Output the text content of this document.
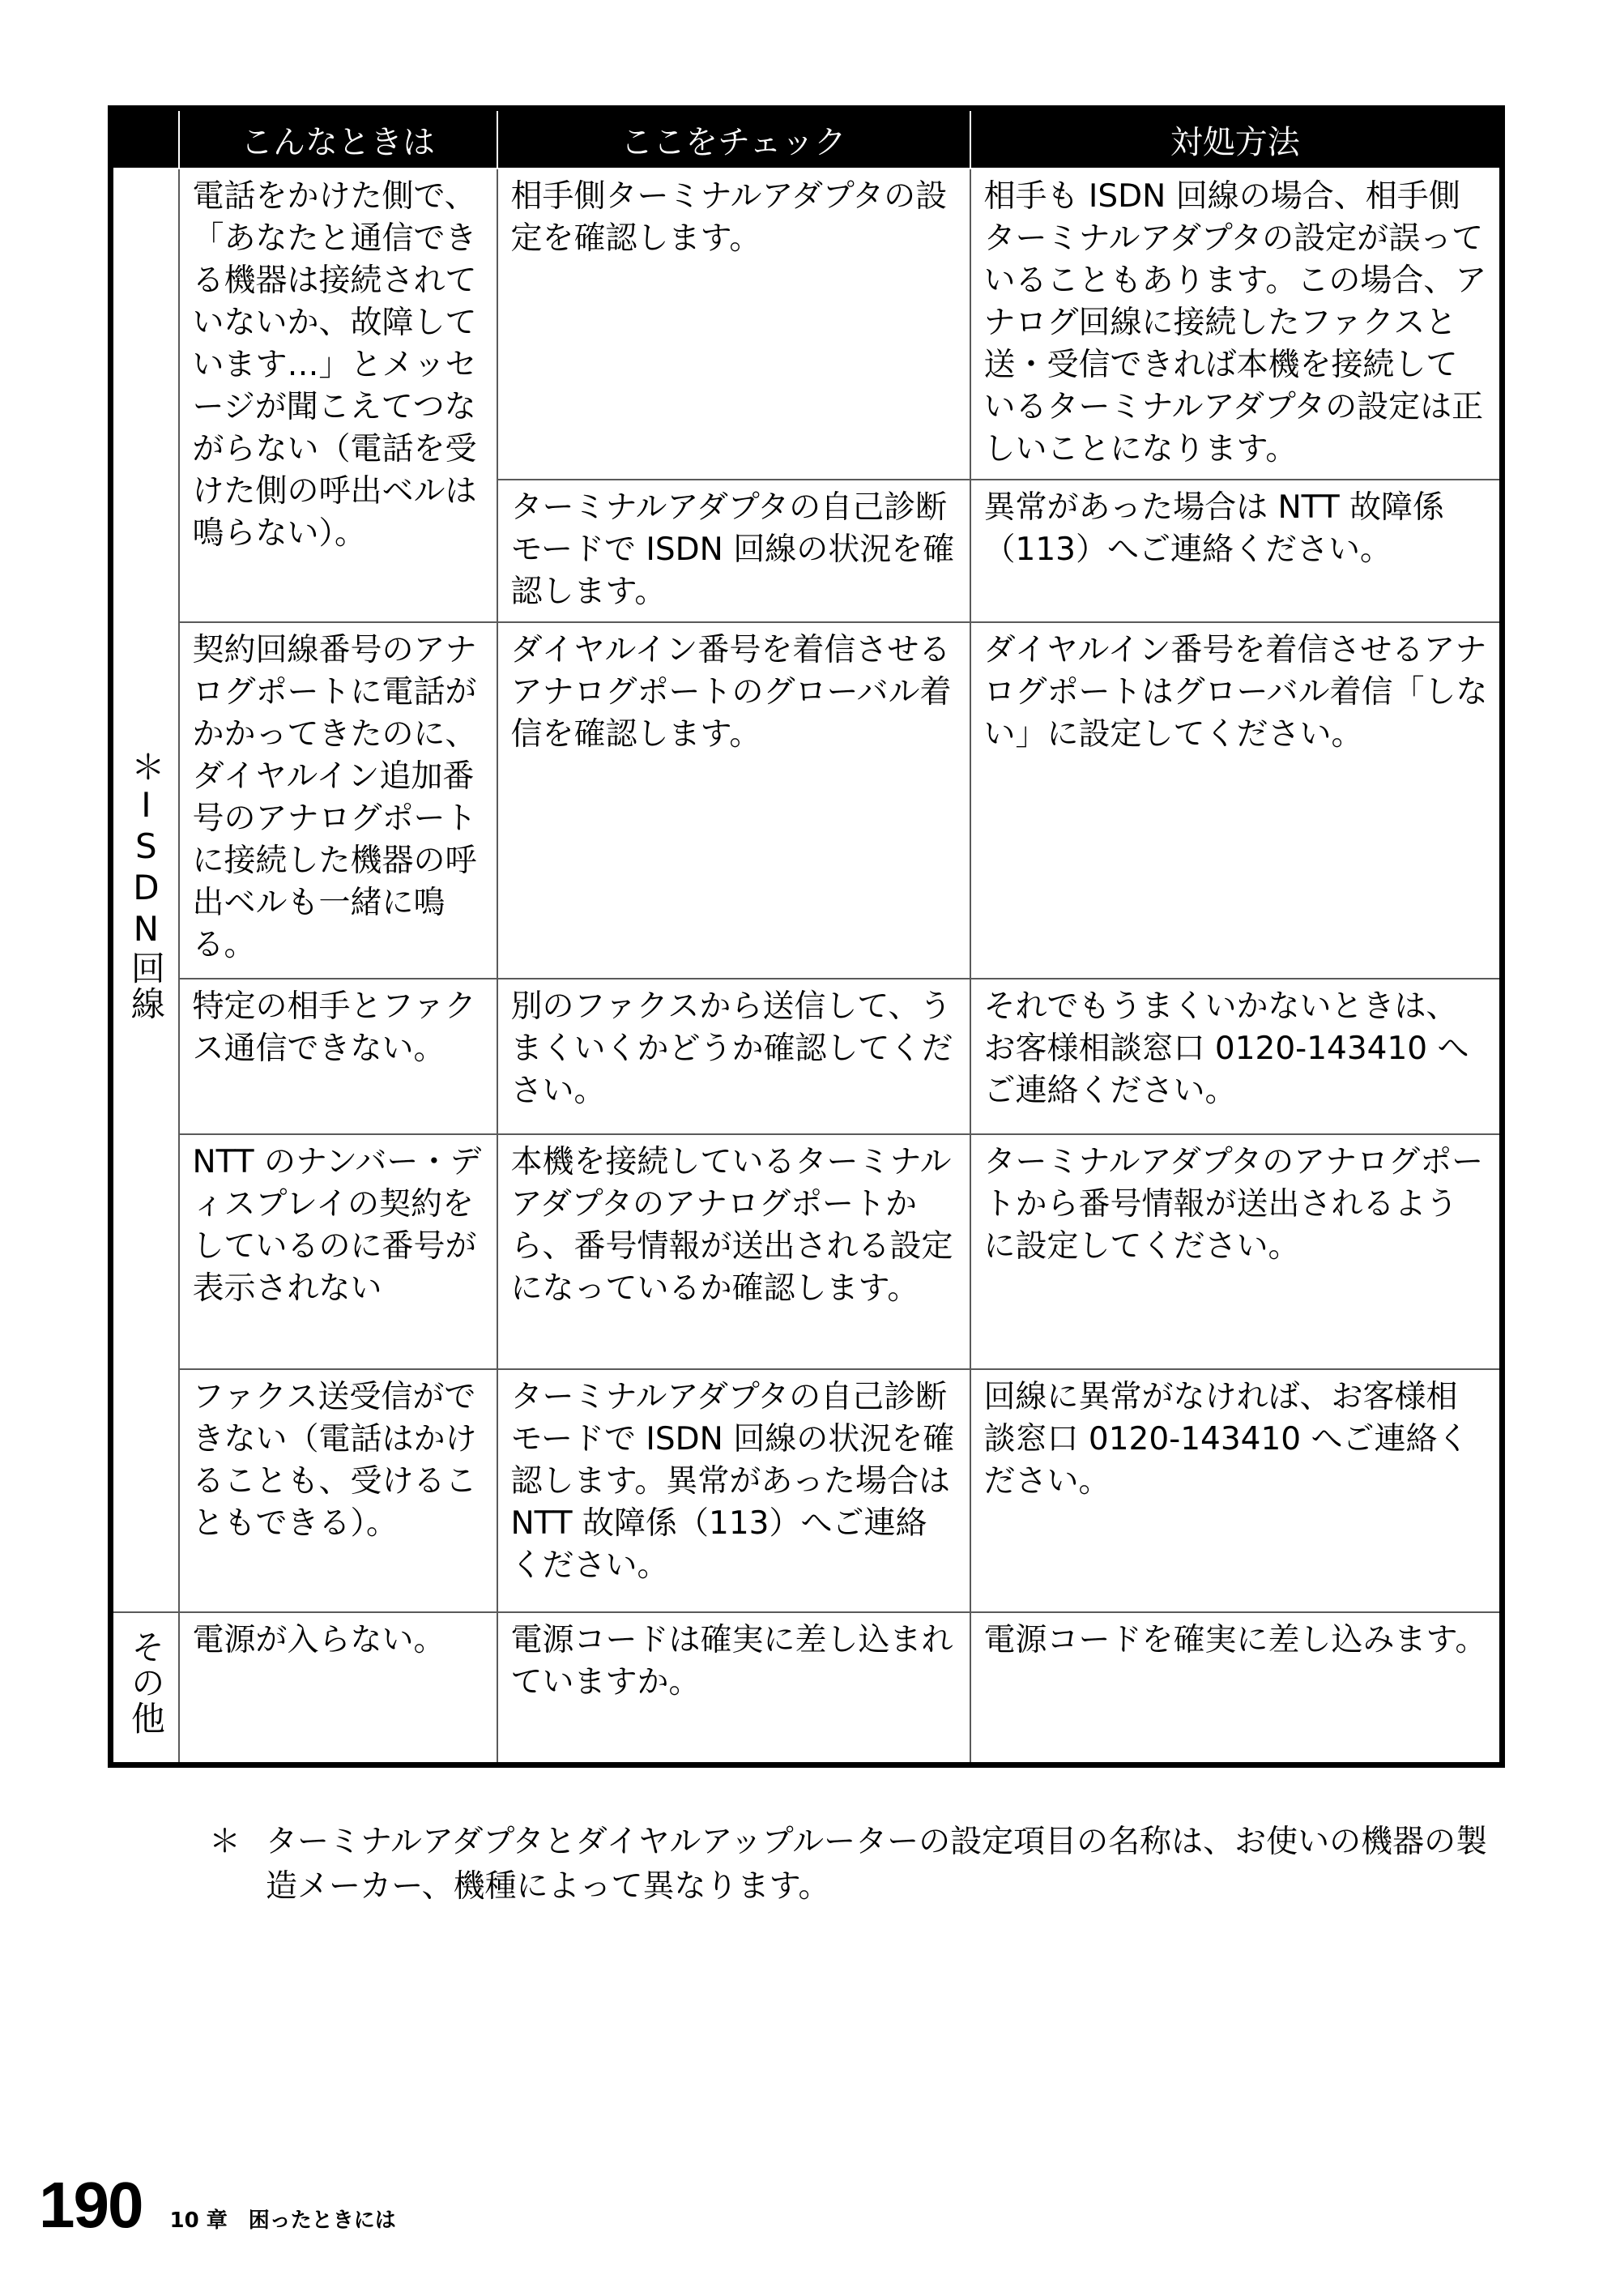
	こんなときは	ここをチェック	対処方法
＊ISDN回線	電話をかけた側で、「あなたと通信できる機器は接続されていないか、故障しています…」とメッセージが聞こえてつながらない（電話を受けた側の呼出ベルは鳴らない）。	相手側ターミナルアダプタの設定を確認します。	相手も ISDN 回線の場合、相手側ターミナルアダプタの設定が誤っていることもあります。この場合、アナログ回線に接続したファクスと送・受信できれば本機を接続しているターミナルアダプタの設定は正しいことになります。
		ターミナルアダプタの自己診断モードで ISDN 回線の状況を確認します。	異常があった場合は NTT 故障係（113）へご連絡ください。
	契約回線番号のアナログポートに電話がかかってきたのに、ダイヤルイン追加番号のアナログポートに接続した機器の呼出ベルも一緒に鳴る。	ダイヤルイン番号を着信させるアナログポートのグローバル着信を確認します。	ダイヤルイン番号を着信させるアナログポートはグローバル着信「しない」に設定してください。
	特定の相手とファクス通信できない。	別のファクスから送信して、うまくいくかどうか確認してください。	それでもうまくいかないときは、お客様相談窓口 0120-143410 へご連絡ください。
	NTT のナンバー・ディスプレイの契約をしているのに番号が表示されない	本機を接続しているターミナルアダプタのアナログポートから、番号情報が送出される設定になっているか確認します。	ターミナルアダプタのアナログポートから番号情報が送出されるように設定してください。
	ファクス送受信ができない（電話はかけることも、受けることもできる）。	ターミナルアダプタの自己診断モードで ISDN 回線の状況を確認します。異常があった場合は NTT 故障係（113）へご連絡ください。	回線に異常がなければ、お客様相談窓口 0120-143410 へご連絡ください。
その他	電源が入らない。	電源コードは確実に差し込まれていますか。	電源コードを確実に差し込みます。
＊ ターミナルアダプタとダイヤルアップルーターの設定項目の名称は、お使いの機器の製造メーカー、機種によって異なります。
190 10 章　困ったときには
